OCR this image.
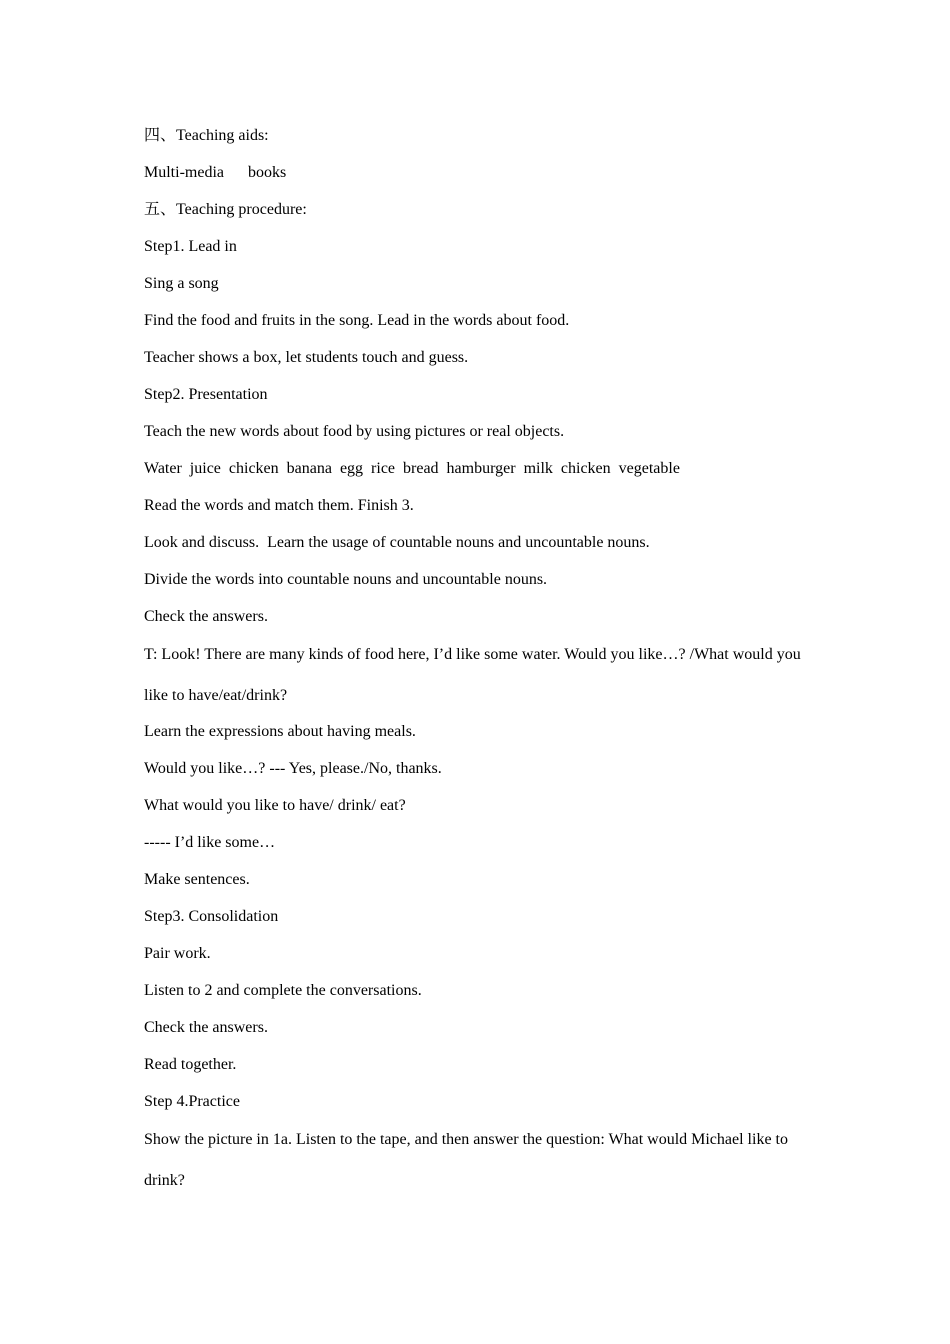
四、Teaching aids:
Multi-media      books
五、Teaching procedure:
Step1. Lead in
Sing a song
Find the food and fruits in the song. Lead in the words about food.
Teacher shows a box, let students touch and guess.
Step2. Presentation
Teach the new words about food by using pictures or real objects.
Water  juice  chicken  banana  egg  rice  bread  hamburger  milk  chicken  vegetable
Read the words and match them. Finish 3.
Look and discuss.  Learn the usage of countable nouns and uncountable nouns.
Divide the words into countable nouns and uncountable nouns.
Check the answers.
T: Look! There are many kinds of food here, I’d like some water. Would you like…? /What would you like to have/eat/drink?
Learn the expressions about having meals.
Would you like…? --- Yes, please./No, thanks.
What would you like to have/ drink/ eat?
----- I’d like some…
Make sentences.
Step3. Consolidation
Pair work.
Listen to 2 and complete the conversations.
Check the answers.
Read together.
Step 4.Practice
Show the picture in 1a. Listen to the tape, and then answer the question: What would Michael like to drink?
